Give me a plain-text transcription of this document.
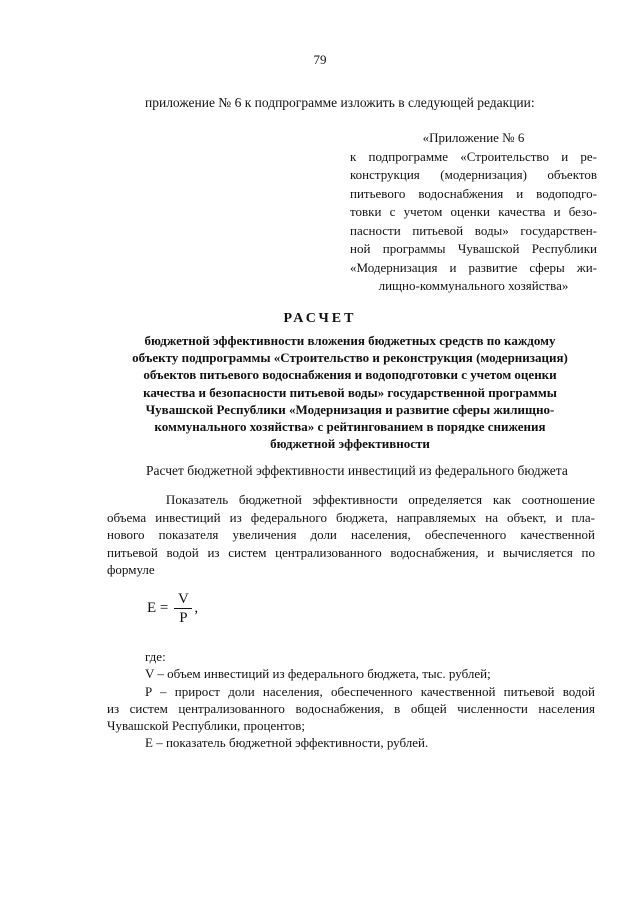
79
приложение № 6 к подпрограмме изложить в следующей редакции:
«Приложение № 6
к подпрограмме «Строительство и ре-
конструкция (модернизация) объектов
питьевого водоснабжения и водоподго-
товки с учетом оценки качества и безо-
пасности питьевой воды» государствен-
ной программы Чувашской Республики
«Модернизация и развитие сферы жи-
лищно-коммунального хозяйства»
РАСЧЕТ
бюджетной эффективности вложения бюджетных средств по каждому
объекту подпрограммы «Строительство и реконструкция (модернизация)
объектов питьевого водоснабжения и водоподготовки с учетом оценки
качества и безопасности питьевой воды» государственной программы
Чувашской Республики «Модернизация и развитие сферы жилищно-
коммунального хозяйства» с рейтингованием в порядке снижения
бюджетной эффективности
Расчет бюджетной эффективности инвестиций из федерального бюджета
Показатель  бюджетной  эффективности  определяется  как  соотношение
объема инвестиций из федерального бюджета, направляемых на объект, и пла-
нового показателя увеличения доли населения, обеспеченного качественной
питьевой водой из систем централизованного водоснабжения, и вычисляется по
формуле
$E = \frac{V}{P}$ ,
где:
V – объем инвестиций из федерального бюджета, тыс. рублей;
P – прирост доли населения, обеспеченного качественной питьевой водой
из систем централизованного водоснабжения, в общей численности населения
Чувашской Республики, процентов;
E – показатель бюджетной эффективности, рублей.
